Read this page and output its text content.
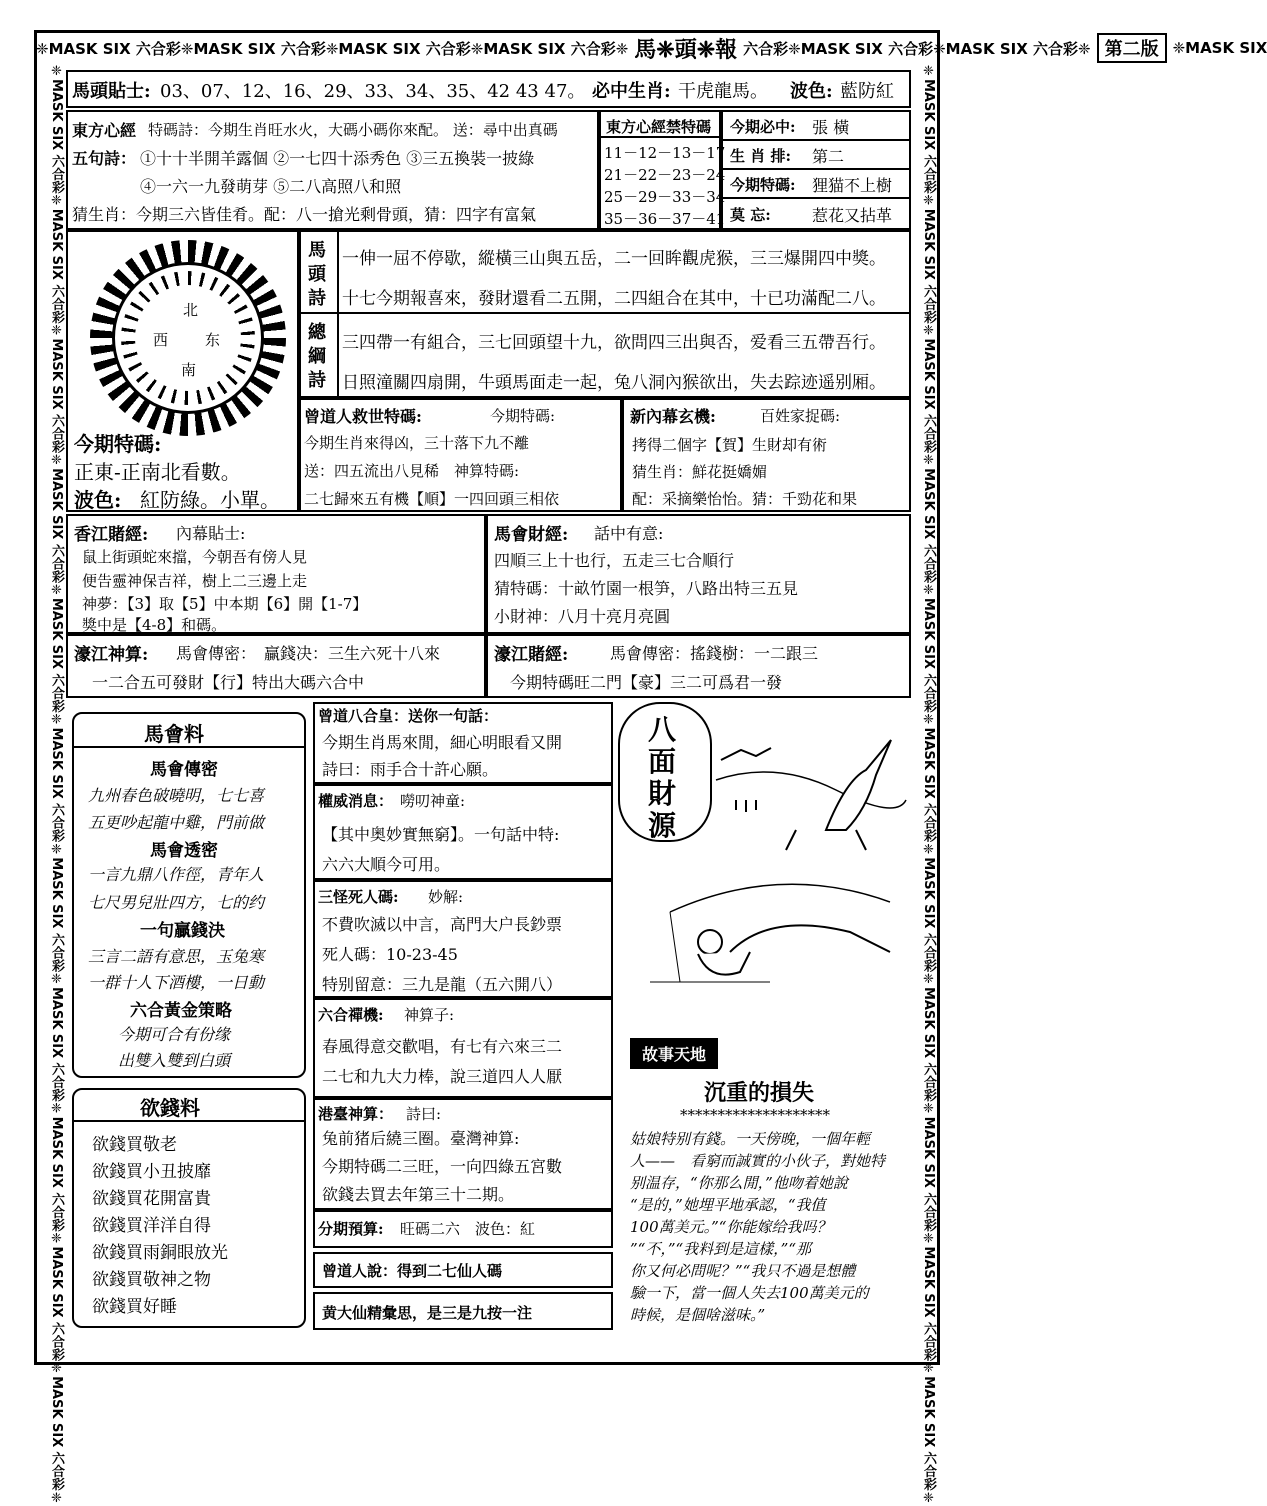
❈MASK SIX 六合彩❈MASK SIX 六合彩❈MASK SIX 六合彩❈MASK SIX 六合彩❈ 馬❈頭❈報 六合彩❈MASK SIX 六合彩❈MASK SIX 六合彩❈ 第二版 ❈MASK SIX
❈MASK SIX 六合彩❈MASK SIX 六合彩❈MASK SIX 六合彩❈MASK SIX 六合彩❈MASK SIX 六合彩❈MASK SIX 六合彩❈MASK SIX 六合彩❈MASK SIX 六合彩❈MASK SIX 六合彩❈MASK SIX 六合彩❈MASK SIX 六合彩❈	❈MASK SIX 六合彩❈MASK SIX 六合彩❈MASK SIX 六合彩❈MASK SIX 六合彩❈MASK SIX 六合彩❈MASK SIX 六合彩❈MASK SIX 六合彩❈MASK SIX 六合彩❈MASK SIX 六合彩❈MASK SIX 六合彩❈MASK SIX 六合彩❈
馬頭貼士: 03、07、12、16、29、33、34、35、42 43 47。 必中生肖: 干虎龍馬。 波色: 藍防紅
東方心經 特碼詩：今期生肖旺水火，大碼小碼你來配。 送：尋中出真碼
五句詩： ①十十半開羊露個 ②一七四十添秀色 ③三五換裝一披綠
④一六一九發萌芽 ⑤二八高照八和照
猜生肖：今期三六皆佳肴。配：八一搶光剩骨頭，猜：四字有富氣
東方心經禁特碼
11－12－13－17
21－22－23－24
25－29－33－34
35－36－37－41
今期必中: 張 橫
生 肖 排: 第二
今期特碼: 狸猫不上樹
莫 忘:	惹花又拈革
北
西 东
南
今期特碼:
正東-正南北看數。
波色: 紅防綠。小單。
馬
頭
詩
一伸一屈不停歇，縱橫三山與五岳，二一回眸觀虎猴，三三爆開四中獎。
十七今期報喜來，發財還看二五開，二四組合在其中，十已功滿配二八。
總
綱
詩
三四帶一有組合，三七回頭望十九，欲問四三出與否，爱看三五帶吾行。
日照潼關四扇開，牛頭馬面走一起，兔八洞內猴欲出，失去踪迹遥别厢。
曾道人救世特碼:	今期特碼:
今期生肖來得凶，三十落下九不離
送：四五流出八見稀　神算特碼:
二七歸來五有機【順】一四回頭三相依
新內幕玄機:	百姓家捉碼:
拷得二個字【賀】生財却有術
猜生肖：鮮花挺嬌媚
配：采摘樂怡怡。猜：千勁花和果
香江賭經: 內幕貼士:
鼠上街頭蛇來擋，今朝吾有傍人見
便告靈神保吉祥，樹上二三邊上走
神夢：【3】取【5】中本期【6】開【1-7】
獎中是【4-8】和碼。
馬會財經: 話中有意:
四順三上十也行，五走三七合順行
猜特碼：十畝竹園一根笋，八路出特三五見
小財神：八月十亮月亮圓
濠江神算: 馬會傳密：　贏錢决：三生六死十八來
一二合五可發財【行】特出大碼六合中
濠江賭經:	馬會傳密：搖錢樹：一二跟三
今期特碼旺二門【豪】三二可爲君一發
馬會料
馬會傳密
九州春色破曉明，七七喜
五更吵起龍中雞，門前做
馬會透密
一言九鼎八作徑，青年人
七尺男兒壯四方，七的约
一句贏錢決
三言二語有意思，玉兔寒
一群十人下酒樓，一日動
六合黃金策略
今期可合有份缘
出雙入雙到白頭
欲錢料
欲錢買敬老
欲錢買小丑披靡
欲錢買花開富貴
欲錢買洋洋自得
欲錢買雨銅眼放光
欲錢買敬神之物
欲錢買好睡
曾道八合皇：送你一句話：
今期生肖馬來閒，細心明眼看又開
詩曰：雨手合十許心願。
權威消息： 嘮叨神童:
【其中奥妙實無窮】。一句話中特:
六六大順今可用。
三怪死人碼: 妙解:
不費吹滅以中言，高門大户長鈔票
死人碼：10-23-45
特别留意：三九是龍（五六開八）
六合禪機: 神算子:
春風得意交歡唱，有七有六來三二
二七和九大力棒，說三道四人人厭
港臺神算： 詩曰:
兔前猪后繞三圈。臺灣神算:
今期特碼二三旺，一向四綠五宮數
欲錢去買去年第三十二期。
分期預算: 旺碼二六　波色：紅
曾道人說：得到二七仙人碼
黄大仙精彙思，是三是九按一注
八
面
財
源
故事天地
沉重的損失
********************
姑娘特别有錢。一天傍晚，一個年輕
人——　看窮而誠實的小伙子，對她特
别温存，“你那么閒，”他吻着她說
“是的，”她埋平地承認，“我值
100萬美元。”“你能嫁给我吗？
”“不，”“我料到是這樣，”“那
你又何必問呢？”“我只不過是想體
驗一下，當一個人失去100萬美元的
時候，是個啥滋味。”
